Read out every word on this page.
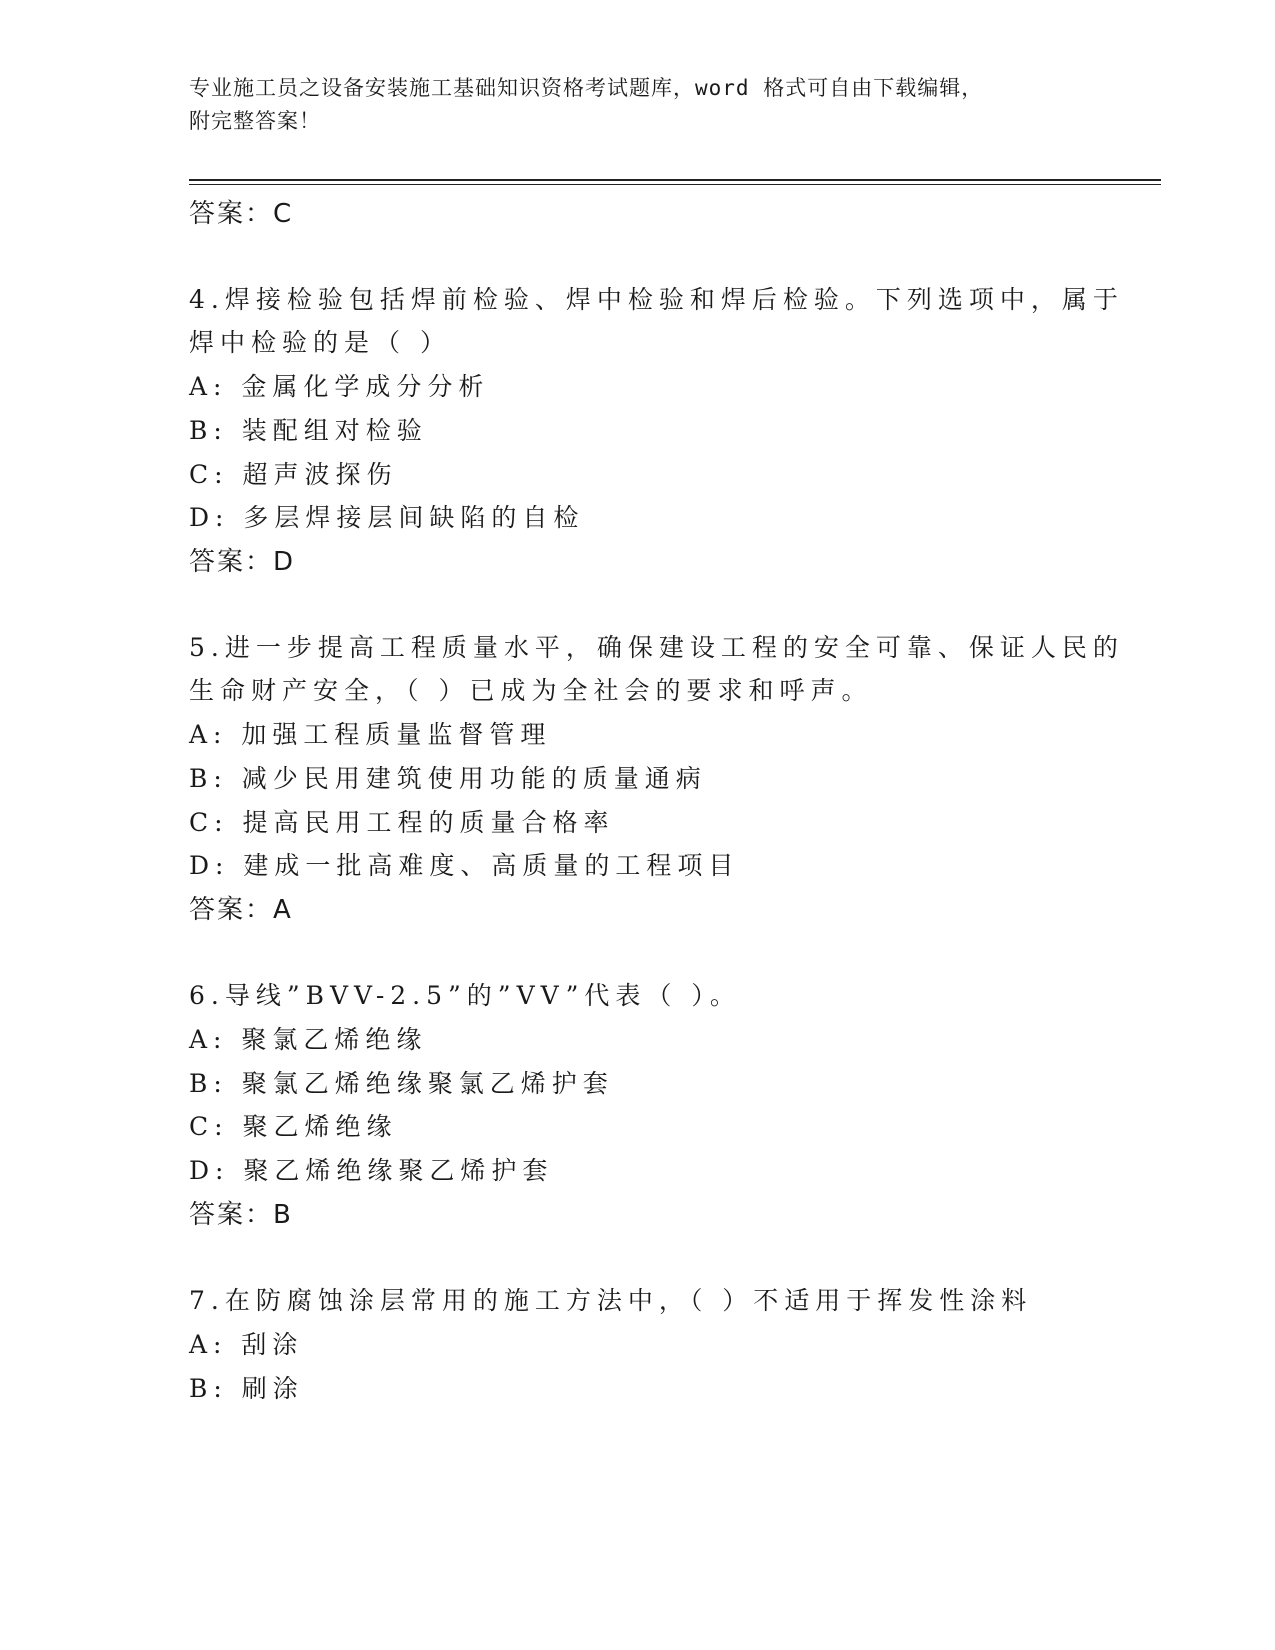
专业施工员之设备安装施工基础知识资格考试题库，word 格式可自由下载编辑，
附完整答案！
答案：C
4.焊接检验包括焊前检验、焊中检验和焊后检验。下列选项中，属于
焊中检验的是（ ）
A: 金属化学成分分析
B: 装配组对检验
C: 超声波探伤
D: 多层焊接层间缺陷的自检
答案：D
5.进一步提高工程质量水平，确保建设工程的安全可靠、保证人民的
生命财产安全，（ ）已成为全社会的要求和呼声。
A: 加强工程质量监督管理
B: 减少民用建筑使用功能的质量通病
C: 提高民用工程的质量合格率
D: 建成一批高难度、高质量的工程项目
答案：A
6.导线”BVV-2.5”的”VV”代表（ ）。
A: 聚氯乙烯绝缘
B: 聚氯乙烯绝缘聚氯乙烯护套
C: 聚乙烯绝缘
D: 聚乙烯绝缘聚乙烯护套
答案：B
7.在防腐蚀涂层常用的施工方法中，（ ）不适用于挥发性涂料
A: 刮涂
B: 刷涂
